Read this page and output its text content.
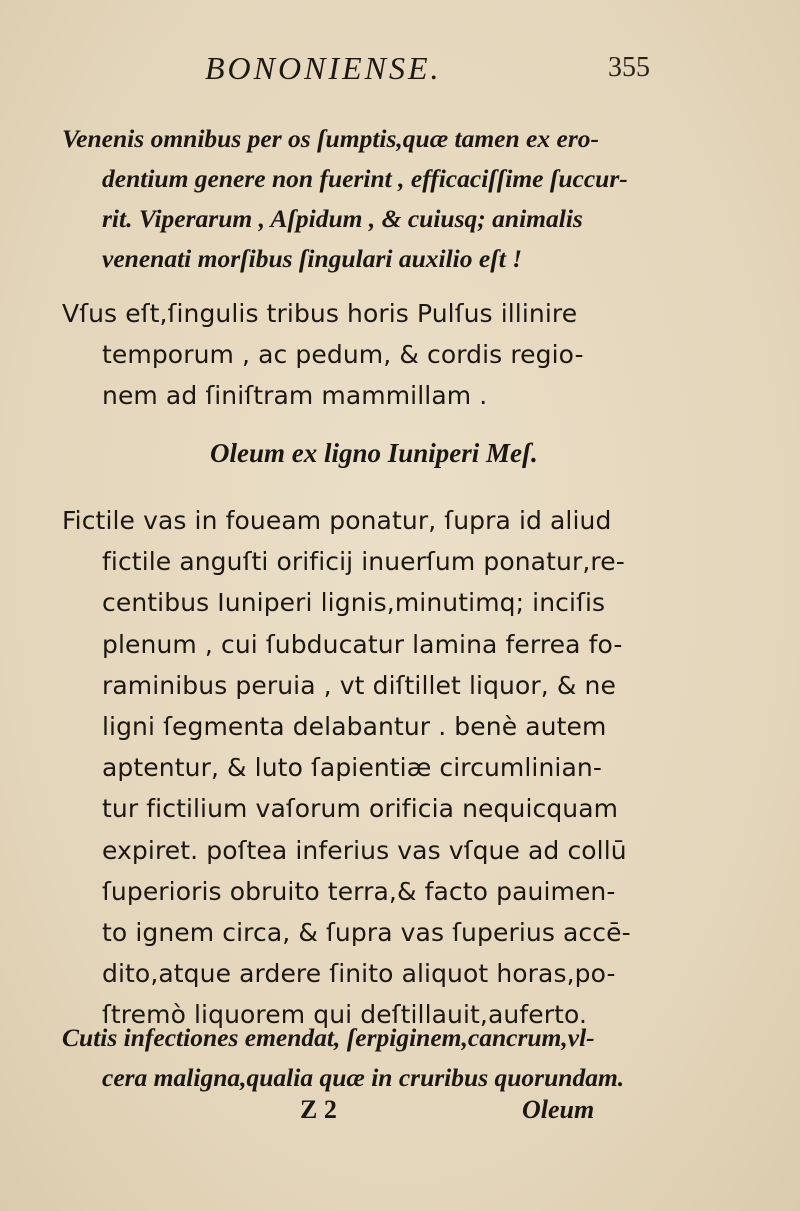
BONONIENSE.	355
Venenis omnibus per os ſumptis,quæ tamen ex ero-
dentium genere non fuerint , efficaciſſime ſuccur-
rit. Viperarum , Aſpidum , & cuiusq; animalis
venenati morſibus ſingulari auxilio eſt !
Vſus eſt,ſingulis tribus horis Pulſus illinire
temporum , ac pedum, & cordis regio-
nem ad ſiniſtram mammillam .
Oleum ex ligno Iuniperi Meſ.
Fictile vas in foueam ponatur, ſupra id aliud
fictile anguſti orificij inuerſum ponatur,re-
centibus Iuniperi lignis,minutimq; inciſis
plenum , cui ſubducatur lamina ferrea fo-
raminibus peruia , vt diſtillet liquor, & ne
ligni ſegmenta delabantur . benè autem
aptentur, & luto ſapientiæ circumlinian-
tur fictilium vaſorum orificia nequicquam
expiret. poſtea inferius vas vſque ad collū
ſuperioris obruito terra,& facto pauimen-
to ignem circa, & ſupra vas ſuperius accē-
dito,atque ardere ſinito aliquot horas,po-
ſtremò liquorem qui deſtillauit,auferto.
Cutis infectiones emendat, ſerpiginem,cancrum,vl-
cera maligna,qualia quæ in cruribus quorundam.
Z 2	Oleum
